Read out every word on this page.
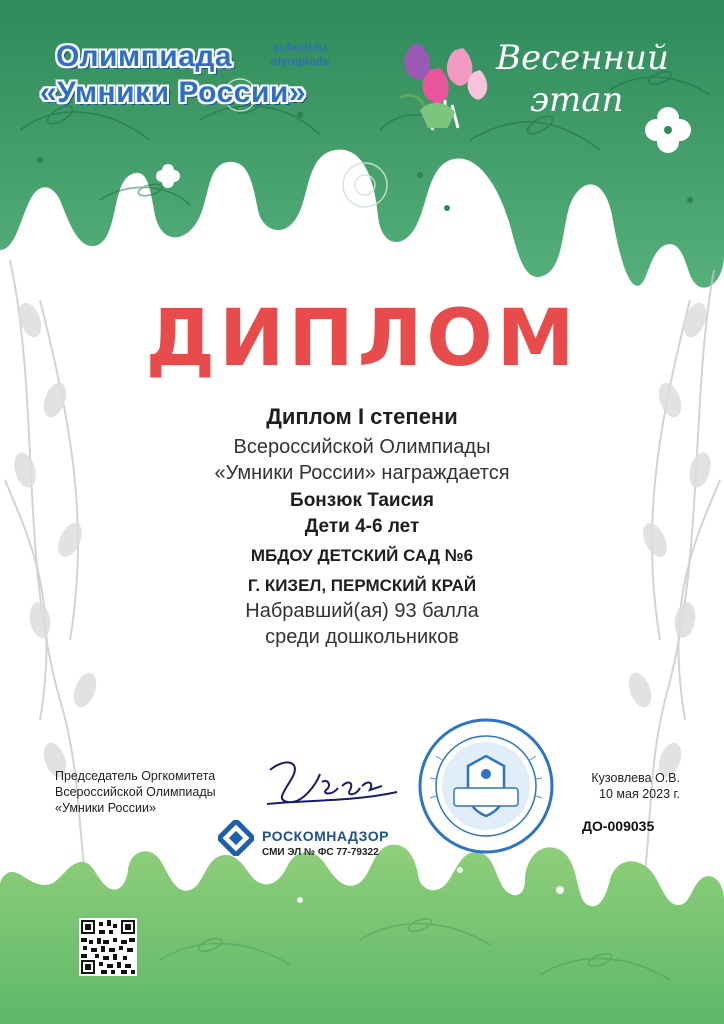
Олимпиада
«Умники России»
school.ru
olympiads	Весенний
этап
ДИПЛОМ
Диплом I степени
Всероссийской Олимпиады
«Умники России» награждается
Бонзюк Таисия
Дети 4-6 лет
МБДОУ ДЕТСКИЙ САД №6
Г. КИЗЕЛ, ПЕРМСКИЙ КРАЙ
Набравший(ая) 93 балла
среди дошкольников
Председатель Оргкомитета
Всероссийской Олимпиады
«Умники России»
РОСКОМНАДЗОР
СМИ ЭЛ № ФС 77-79322
Кузовлева О.В.
10 мая 2023 г.
ДО-009035
